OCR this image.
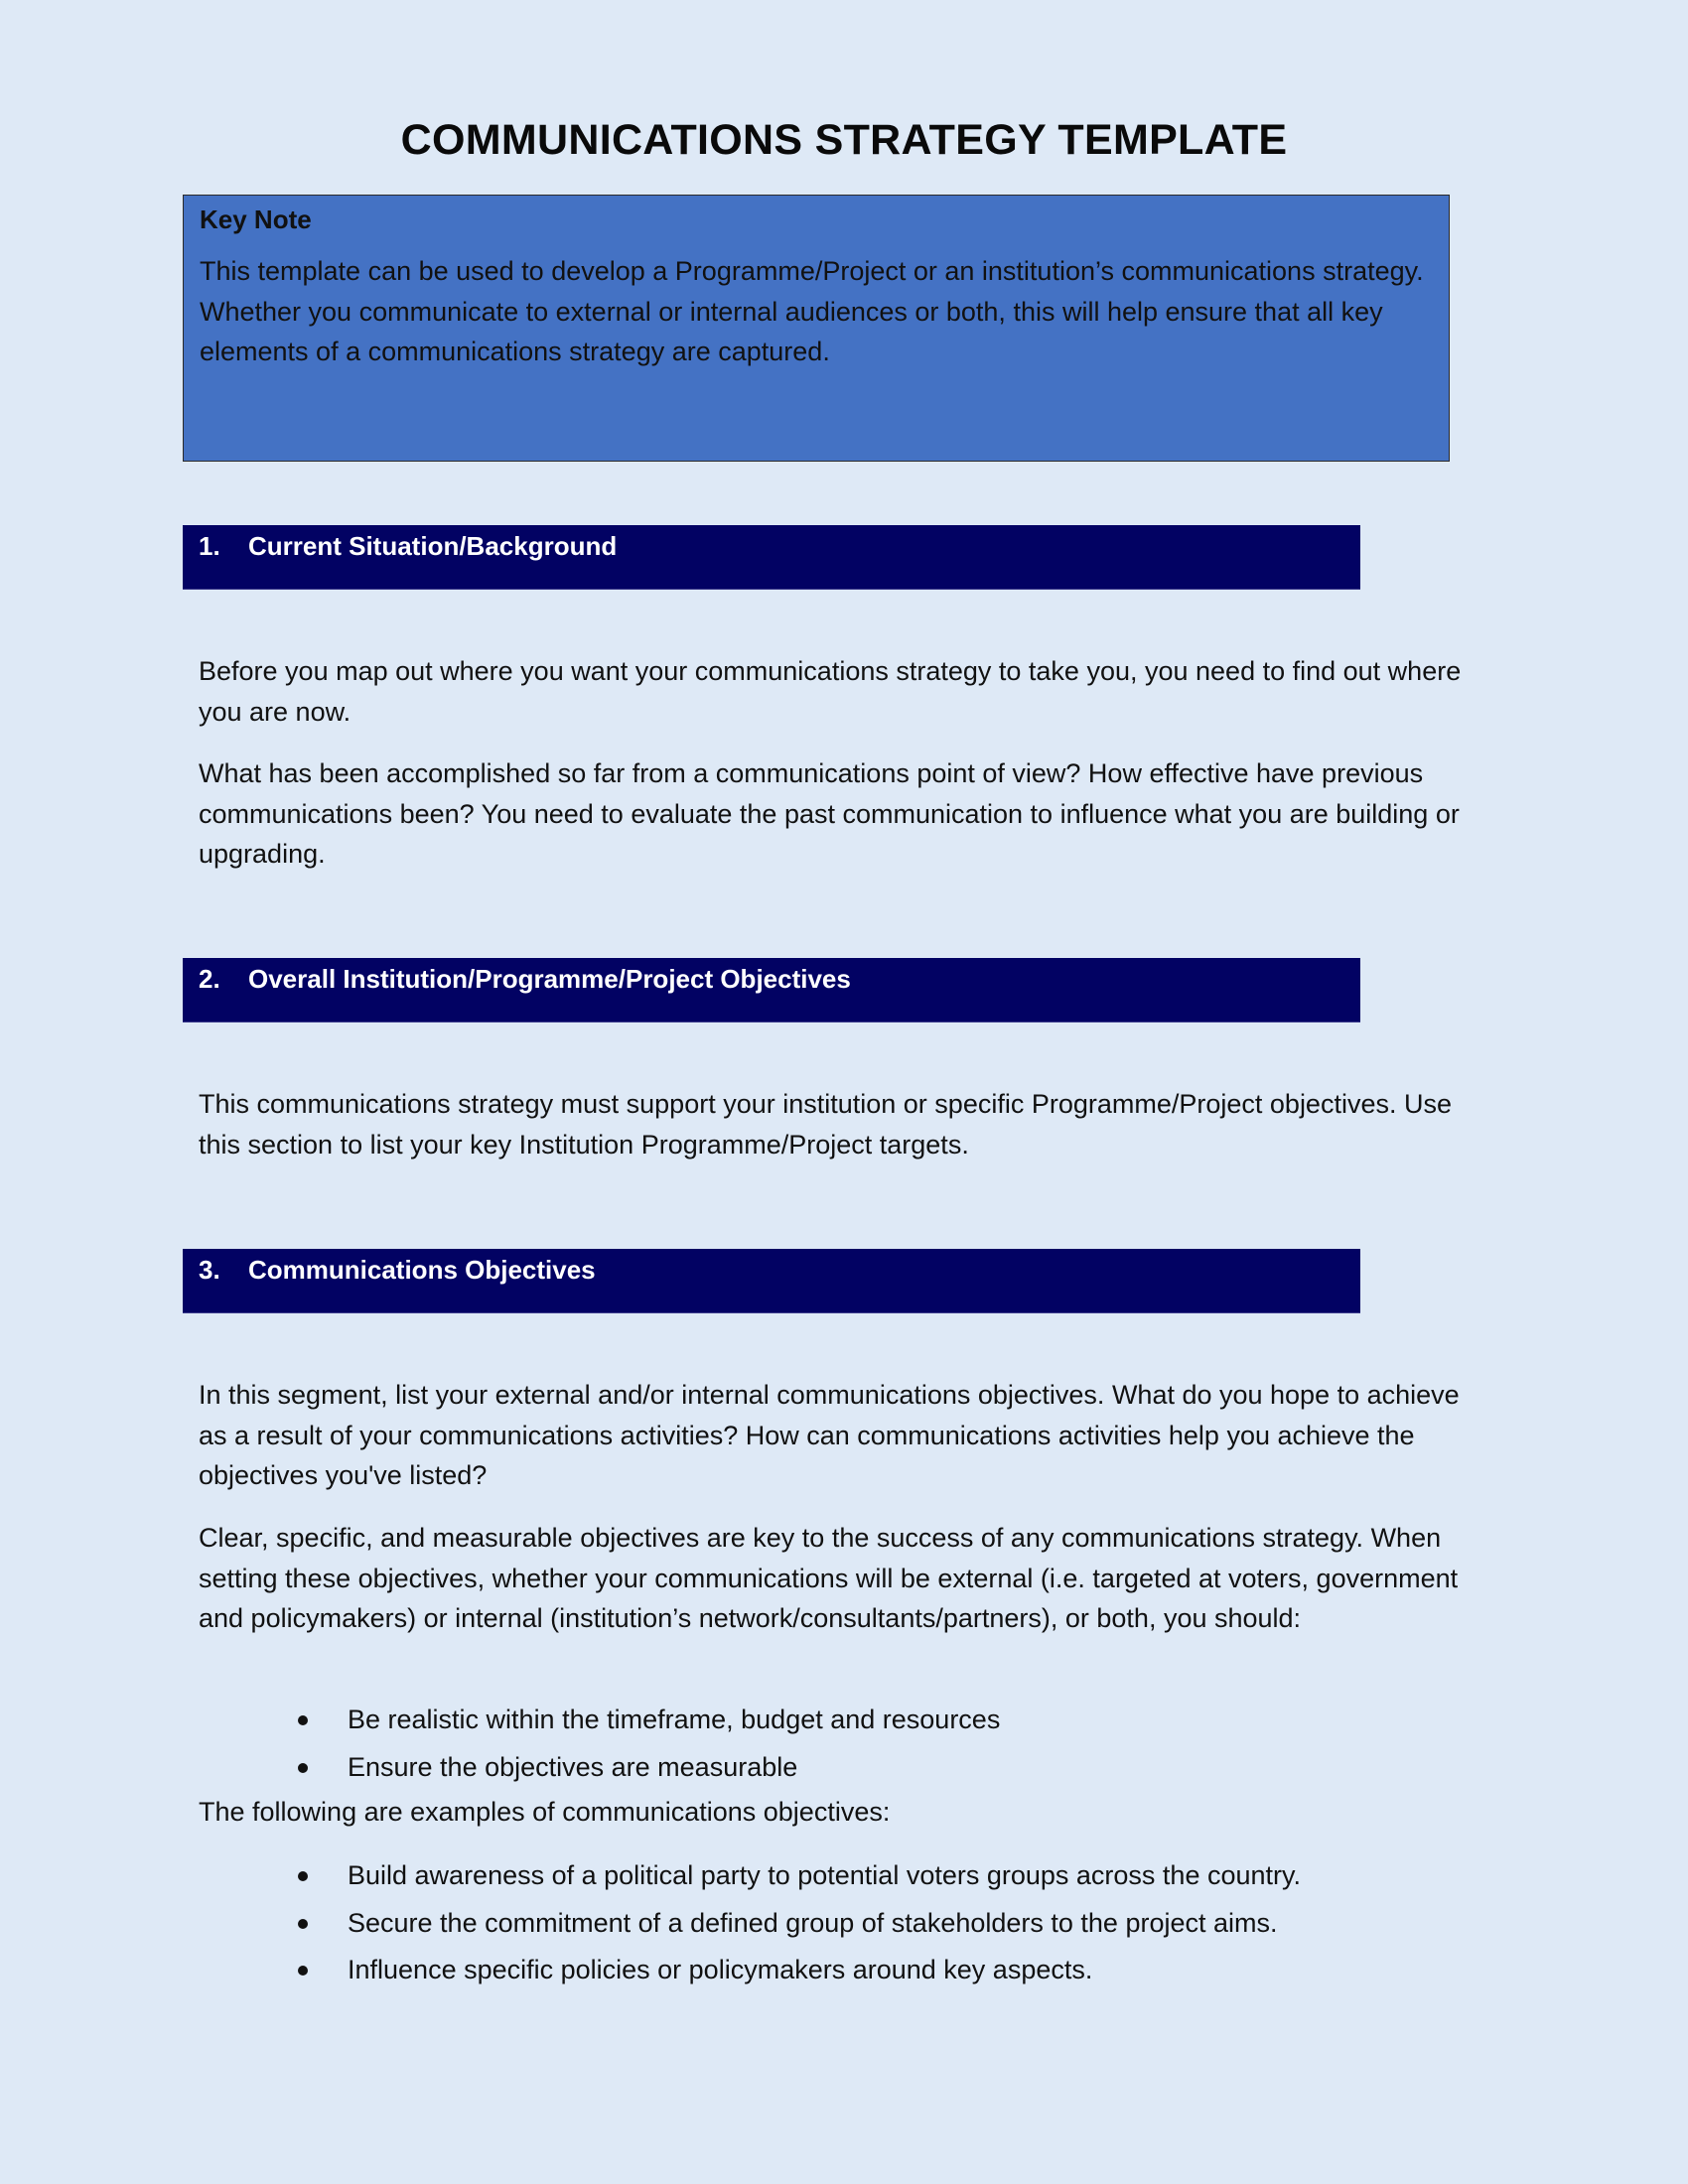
COMMUNICATIONS STRATEGY TEMPLATE
Key Note

This template can be used to develop a Programme/Project or an institution’s communications strategy. Whether you communicate to external or internal audiences or both, this will help ensure that all key elements of a communications strategy are captured.

1. Current Situation/Background

Before you map out where you want your communications strategy to take you, you need to find out where you are now.

What has been accomplished so far from a communications point of view? How effective have previous communications been? You need to evaluate the past communication to influence what you are building or upgrading.

2. Overall Institution/Programme/Project Objectives

This communications strategy must support your institution or specific Programme/Project objectives. Use this section to list your key Institution Programme/Project targets.

3. Communications Objectives

In this segment, list your external and/or internal communications objectives. What do you hope to achieve as a result of your communications activities? How can communications activities help you achieve the objectives you've listed?

Clear, specific, and measurable objectives are key to the success of any communications strategy. When setting these objectives, whether your communications will be external (i.e. targeted at voters, government and policymakers) or internal (institution’s network/consultants/partners), or both, you should:

Be realistic within the timeframe, budget and resources
Ensure the objectives are measurable

The following are examples of communications objectives:

Build awareness of a political party to potential voters groups across the country.
Secure the commitment of a defined group of stakeholders to the project aims.
Influence specific policies or policymakers around key aspects.
